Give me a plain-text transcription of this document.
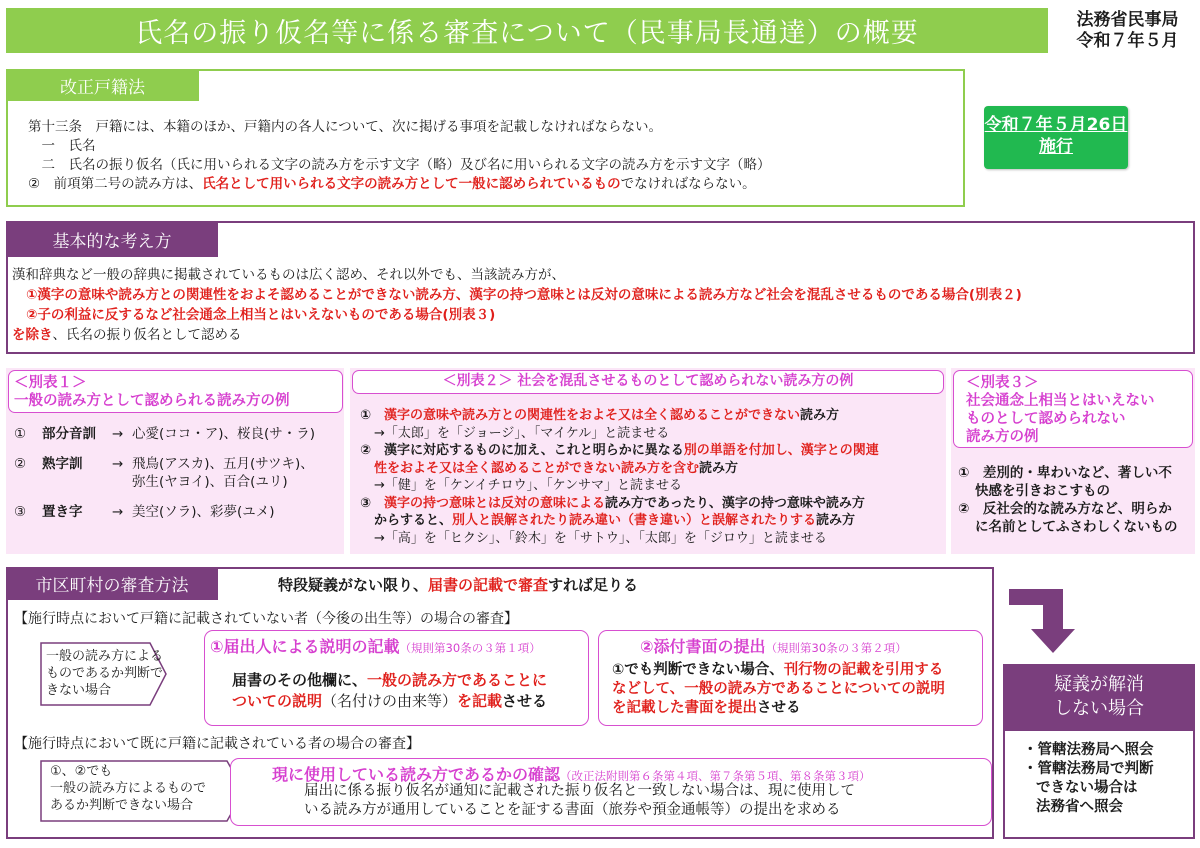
氏名の振り仮名等に係る審査について（民事局長通達）の概要	法務省民事局
令和７年５月
改正戸籍法
第十三条　戸籍には、本籍のほか、戸籍内の各人について、次に掲げる事項を記載しなければならない。
　一　氏名
　二　氏名の振り仮名（氏に用いられる文字の読み方を示す文字（略）及び名に用いられる文字の読み方を示す文字（略）
②　前項第二号の読み方は、氏名として用いられる文字の読み方として一般に認められているものでなければならない。
令和７年５月26日
施行
基本的な考え方
漢和辞典など一般の辞典に掲載されているものは広く認め、それ以外でも、当該読み方が、
①漢字の意味や読み方との関連性をおよそ認めることができない読み方、漢字の持つ意味とは反対の意味による読み方など社会を混乱させるものである場合(別表２)
②子の利益に反するなど社会通念上相当とはいえないものである場合(別表３)
を除き、氏名の振り仮名として認める
＜別表１＞
一般の読み方として認められる読み方の例
①	部分音訓	→ 心愛(ココ・ア)、桜良(サ・ラ)
②	熟字訓	→ 飛鳥(アスカ)、五月(サツキ)、
弥生(ヤヨイ)、百合(ユリ)
③	置き字	→ 美空(ソラ)、彩夢(ユメ)
＜別表２＞ 社会を混乱させるものとして認められない読み方の例
①　漢字の意味や読み方との関連性をおよそ又は全く認めることができない読み方
→「太郎」を「ジョージ」、「マイケル」と読ませる
②　漢字に対応するものに加え、これと明らかに異なる別の単語を付加し、漢字との関連
性をおよそ又は全く認めることができない読み方を含む読み方
→「健」を「ケンイチロウ」、「ケンサマ」と読ませる
③　漢字の持つ意味とは反対の意味による読み方であったり、漢字の持つ意味や読み方
からすると、別人と誤解されたり読み違い（書き違い）と誤解されたりする読み方
→「高」を「ヒクシ」、「鈴木」を「サトウ」、「太郎」を「ジロウ」と読ませる
＜別表３＞
社会通念上相当とはいえない
ものとして認められない
読み方の例
①　差別的・卑わいなど、著しい不
快感を引きおこすもの
②　反社会的な読み方など、明らか
に名前としてふさわしくないもの
市区町村の審査方法	特段疑義がない限り、届書の記載で審査すれば足りる
【施行時点において戸籍に記載されていない者（今後の出生等）の場合の審査】
一般の読み方による
ものであるか判断で
きない場合
①届出人による説明の記載（規則第30条の３第１項）
届書のその他欄に、一般の読み方であることに
ついての説明（名付けの由来等）を記載させる
②添付書面の提出（規則第30条の３第２項）
①でも判断できない場合、刊行物の記載を引用する
などして、一般の読み方であることについての説明
を記載した書面を提出させる
【施行時点において既に戸籍に記載されている者の場合の審査】
①、②でも
一般の読み方によるもので
あるか判断できない場合
現に使用している読み方であるかの確認（改正法附則第６条第４項、第７条第５項、第８条第３項）
届出に係る振り仮名が通知に記載された振り仮名と一致しない場合は、現に使用して
いる読み方が通用していることを証する書面（旅券や預金通帳等）の提出を求める
疑義が解消
しない場合
・管轄法務局へ照会
・管轄法務局で判断
できない場合は
法務省へ照会
